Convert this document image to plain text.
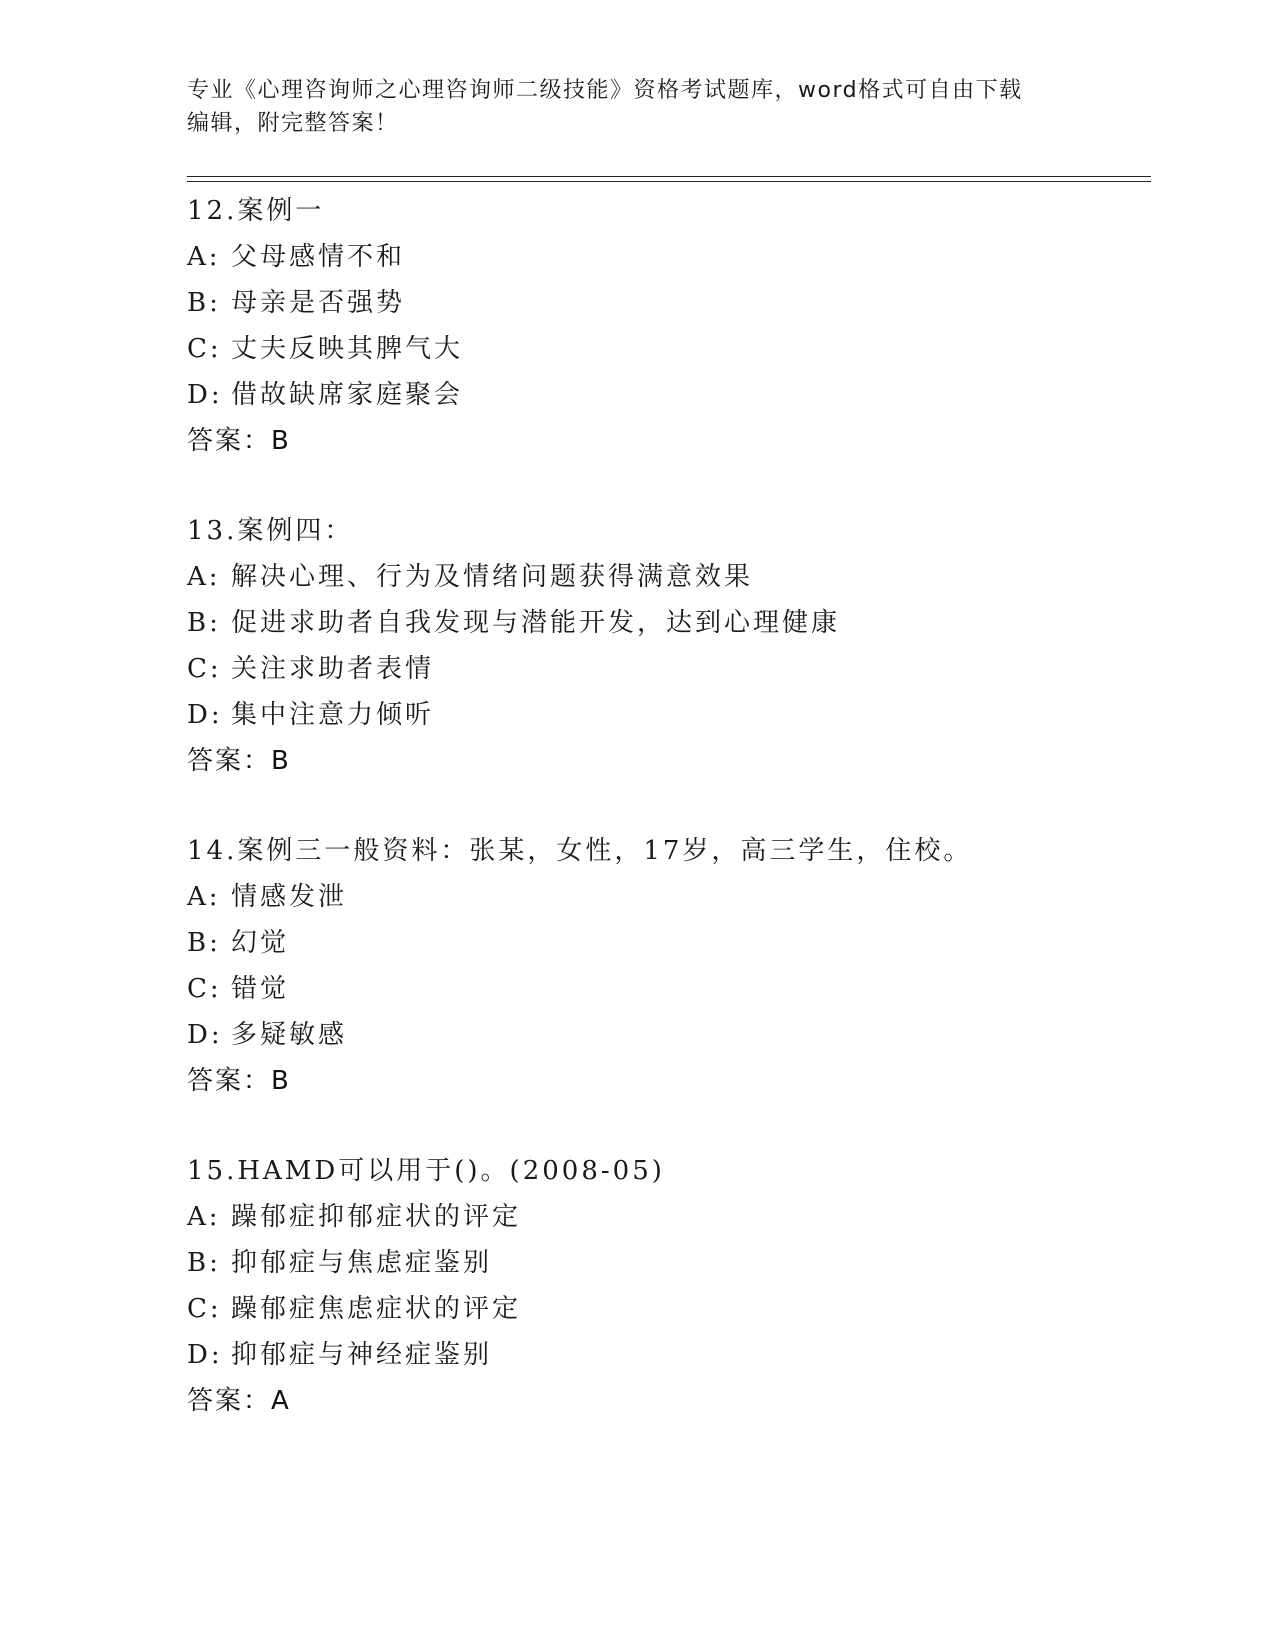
专业《心理咨询师之心理咨询师二级技能》资格考试题库，word格式可自由下载
编辑，附完整答案！
12.案例一
A: 父母感情不和
B: 母亲是否强势
C: 丈夫反映其脾气大
D: 借故缺席家庭聚会
答案：B
13.案例四：
A: 解决心理、行为及情绪问题获得满意效果
B: 促进求助者自我发现与潜能开发，达到心理健康
C: 关注求助者表情
D: 集中注意力倾听
答案：B
14.案例三一般资料：张某，女性，17岁，高三学生，住校。
A: 情感发泄
B: 幻觉
C: 错觉
D: 多疑敏感
答案：B
15.HAMD可以用于()。(2008-05)
A: 躁郁症抑郁症状的评定
B: 抑郁症与焦虑症鉴别
C: 躁郁症焦虑症状的评定
D: 抑郁症与神经症鉴别
答案：A
